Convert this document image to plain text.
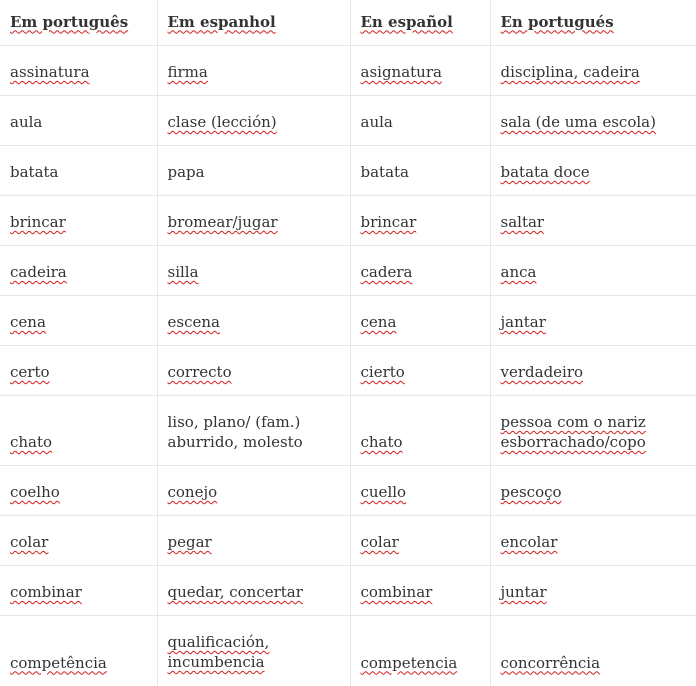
Em português	Em espanhol	En español	En portugués
assinatura	firma	asignatura	disciplina, cadeira
aula	clase (lección)	aula	sala (de uma escola)
batata	papa	batata	batata doce
brincar	bromear/jugar	brincar	saltar
cadeira	silla	cadera	anca
cena	escena	cena	jantar
certo	correcto	cierto	verdadeiro
chato	liso, plano/ (fam.) aburrido, molesto	chato	pessoa com o nariz esborrachado/copo
coelho	conejo	cuello	pescoço
colar	pegar	colar	encolar
combinar	quedar, concertar	combinar	juntar
competência	qualificación, incumbencia	competencia	concorrência
